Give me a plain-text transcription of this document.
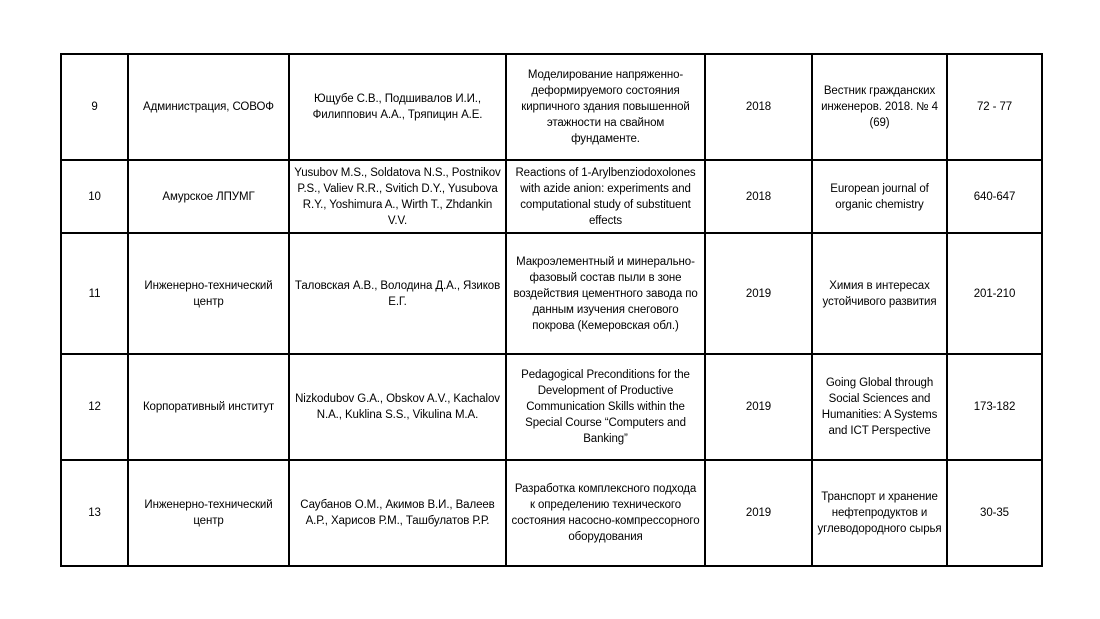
9	Администрация, СОВОФ	Ющубе С.В., Подшивалов И.И., Филиппович А.А., Тряпицин А.Е.	Моделирование напряженно-деформируемого состояния кирпичного здания повышенной этажности на свайном фундаменте.	2018	Вестник гражданских инженеров. 2018. № 4 (69)	72 - 77
10	Амурское ЛПУМГ	Yusubov M.S., Soldatova N.S., Postnikov P.S., Valiev R.R., Svitich D.Y., Yusubova R.Y., Yoshimura A., Wirth T., Zhdankin V.V.	Reactions of 1-Arylbenziodoxolones with azide anion: experiments and computational study of substituent effects	2018	European journal of organic chemistry	640-647
11	Инженерно-технический центр	Таловская А.В., Володина Д.А., Язиков Е.Г.	Макроэлементный и минерально-фазовый состав пыли в зоне воздействия цементного завода по данным изучения снегового покрова (Кемеровская обл.)	2019	Химия в интересах устойчивого развития	201-210
12	Корпоративный институт	Nizkodubov G.A., Obskov A.V., Kachalov N.A., Kuklina S.S., Vikulina M.A.	Pedagogical Preconditions for the Development of Productive Communication Skills within the Special Course “Computers and Banking”	2019	Going Global through Social Sciences and Humanities: A Systems and ICT Perspective	173-182
13	Инженерно-технический центр	Саубанов О.М., Акимов В.И., Валеев А.Р., Харисов Р.М., Ташбулатов Р.Р.	Разработка комплексного подхода к определению технического состояния насосно-компрессорного оборудования	2019	Транспорт и хранение нефтепродуктов и углеводородного сырья	30-35
